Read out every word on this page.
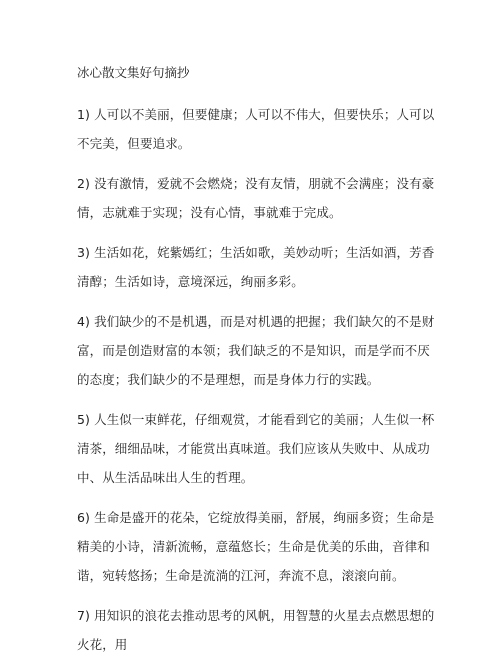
冰心散文集好句摘抄
1) 人可以不美丽，但要健康；人可以不伟大，但要快乐；人可以不完美，但要追求。
2) 没有激情，爱就不会燃烧；没有友情，朋就不会满座；没有豪情，志就难于实现；没有心情，事就难于完成。
3) 生活如花，姹紫嫣红；生活如歌，美妙动听；生活如酒，芳香清醇；生活如诗，意境深远，绚丽多彩。
4) 我们缺少的不是机遇，而是对机遇的把握；我们缺欠的不是财富，而是创造财富的本领；我们缺乏的不是知识，而是学而不厌的态度；我们缺少的不是理想，而是身体力行的实践。
5) 人生似一束鲜花，仔细观赏，才能看到它的美丽；人生似一杯清茶，细细品味，才能赏出真味道。我们应该从失败中、从成功中、从生活品味出人生的哲理。
6) 生命是盛开的花朵，它绽放得美丽，舒展，绚丽多资；生命是精美的小诗，清新流畅，意蕴悠长；生命是优美的乐曲，音律和谐，宛转悠扬；生命是流淌的江河，奔流不息，滚滚向前。
7) 用知识的浪花去推动思考的风帆，用智慧的火星去点燃思想的火花，用
